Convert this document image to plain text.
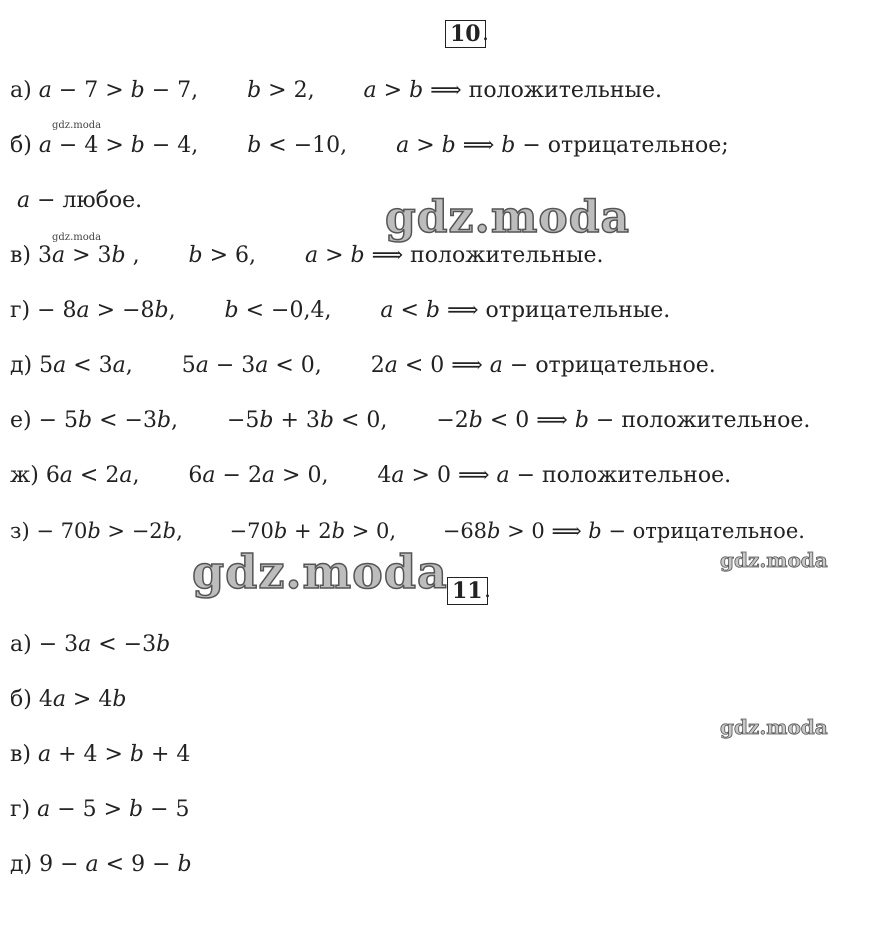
10 .
а) 𝑎 − 7 > 𝑏 − 7,       𝑏 > 2,       𝑎 > 𝑏 ⟹ положительные.
б) 𝑎 − 4 > 𝑏 − 4,       𝑏 < −10,       𝑎 > 𝑏 ⟹ 𝑏 − отрицательное;
𝑎 − любое.
в) 3𝑎 > 3𝑏 ,       𝑏 > 6,       𝑎 > 𝑏 ⟹ положительные.
г) − 8𝑎 > −8𝑏,       𝑏 < −0,4,       𝑎 < 𝑏 ⟹ отрицательные.
д) 5𝑎 < 3𝑎,       5𝑎 − 3𝑎 < 0,       2𝑎 < 0 ⟹ 𝑎 − отрицательное.
е) − 5𝑏 < −3𝑏,       −5𝑏 + 3𝑏 < 0,       −2𝑏 < 0 ⟹ 𝑏 − положительное.
ж) 6𝑎 < 2𝑎,       6𝑎 − 2𝑎 > 0,       4𝑎 > 0 ⟹ 𝑎 − положительное.
з) − 70𝑏 > −2𝑏,       −70𝑏 + 2𝑏 > 0,       −68𝑏 > 0 ⟹ 𝑏 − отрицательное.
11 .
а) − 3𝑎 < −3𝑏
б) 4𝑎 > 4𝑏
в) 𝑎 + 4 > 𝑏 + 4
г) 𝑎 − 5 > 𝑏 − 5
д) 9 − 𝑎 < 9 − 𝑏
gdz.moda
gdz.moda	gdz.moda
gdz.moda
gdz.moda
gdz.moda
